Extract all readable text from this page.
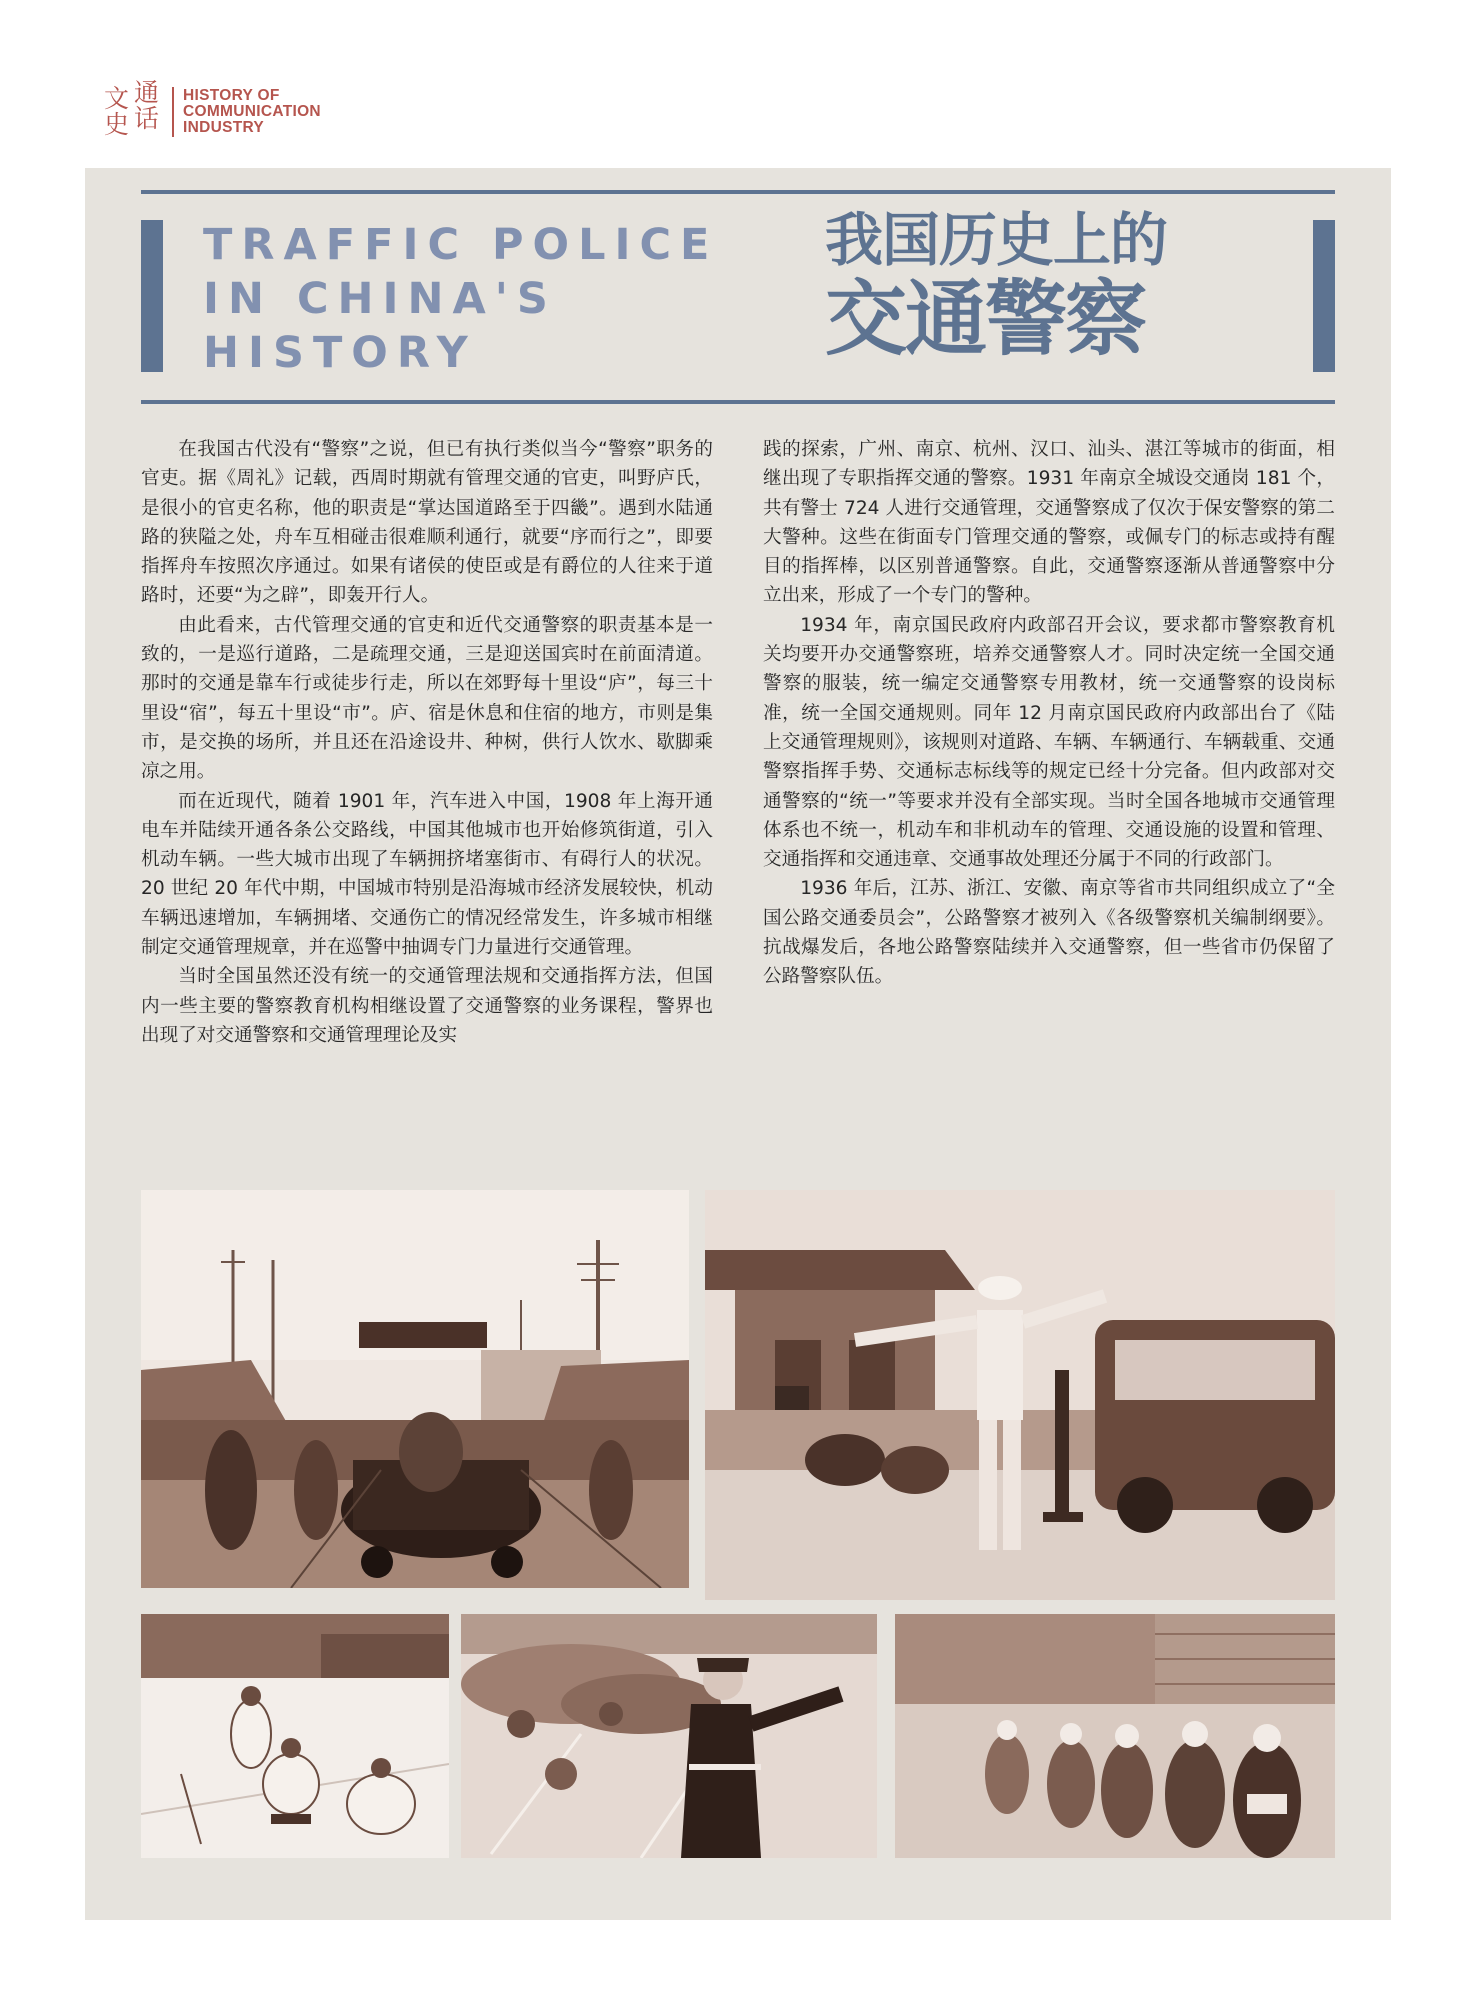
文 通
史 话
HISTORY OF
COMMUNICATION
INDUSTRY
TRAFFIC POLICE
IN CHINA'S
HISTORY
我国历史上的
交通警察

在我国古代没有“警察”之说，但已有执行类似当今“警察”职务的官吏。据《周礼》记载，西周时期就有管理交通的官吏，叫野庐氏，是很小的官吏名称，他的职责是“掌达国道路至于四畿”。遇到水陆通路的狭隘之处，舟车互相碰击很难顺利通行，就要“序而行之”，即要指挥舟车按照次序通过。如果有诸侯的使臣或是有爵位的人往来于道路时，还要“为之辟”，即轰开行人。

由此看来，古代管理交通的官吏和近代交通警察的职责基本是一致的，一是巡行道路，二是疏理交通，三是迎送国宾时在前面清道。那时的交通是靠车行或徒步行走，所以在郊野每十里设“庐”，每三十里设“宿”，每五十里设“市”。庐、宿是休息和住宿的地方，市则是集市，是交换的场所，并且还在沿途设井、种树，供行人饮水、歇脚乘凉之用。

而在近现代，随着 1901 年，汽车进入中国，1908 年上海开通电车并陆续开通各条公交路线，中国其他城市也开始修筑街道，引入机动车辆。一些大城市出现了车辆拥挤堵塞街市、有碍行人的状况。20 世纪 20 年代中期，中国城市特别是沿海城市经济发展较快，机动车辆迅速增加，车辆拥堵、交通伤亡的情况经常发生，许多城市相继制定交通管理规章，并在巡警中抽调专门力量进行交通管理。

当时全国虽然还没有统一的交通管理法规和交通指挥方法，但国内一些主要的警察教育机构相继设置了交通警察的业务课程，警界也出现了对交通警察和交通管理理论及实

践的探索，广州、南京、杭州、汉口、汕头、湛江等城市的街面，相继出现了专职指挥交通的警察。1931 年南京全城设交通岗 181 个，共有警士 724 人进行交通管理，交通警察成了仅次于保安警察的第二大警种。这些在街面专门管理交通的警察，或佩专门的标志或持有醒目的指挥棒，以区别普通警察。自此，交通警察逐渐从普通警察中分立出来，形成了一个专门的警种。

1934 年，南京国民政府内政部召开会议，要求都市警察教育机关均要开办交通警察班，培养交通警察人才。同时决定统一全国交通警察的服装，统一编定交通警察专用教材，统一交通警察的设岗标准，统一全国交通规则。同年 12 月南京国民政府内政部出台了《陆上交通管理规则》，该规则对道路、车辆、车辆通行、车辆载重、交通警察指挥手势、交通标志标线等的规定已经十分完备。但内政部对交通警察的“统一”等要求并没有全部实现。当时全国各地城市交通管理体系也不统一，机动车和非机动车的管理、交通设施的设置和管理、交通指挥和交通违章、交通事故处理还分属于不同的行政部门。

1936 年后，江苏、浙江、安徽、南京等省市共同组织成立了“全国公路交通委员会”，公路警察才被列入《各级警察机关编制纲要》。抗战爆发后，各地公路警察陆续并入交通警察，但一些省市仍保留了公路警察队伍。
